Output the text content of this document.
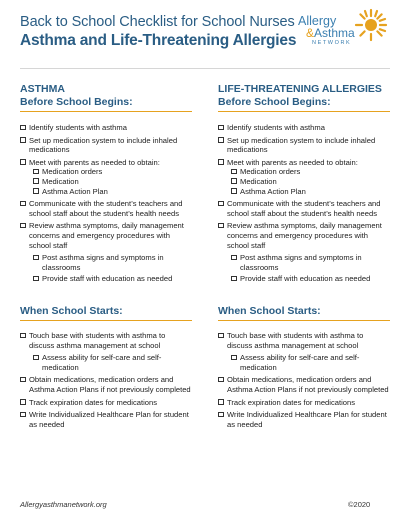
Back to School Checklist for School Nurses
Asthma and Life-Threatening Allergies
Allergy
&Asthma
NETWORK
ASTHMA
Before School Begins:
Identify students with asthma
Set up medication system to include inhaled medications
Meet with parents as needed to obtain:
Medication orders
Medication
Asthma Action Plan
Communicate with the student’s teachers and school staff about the student’s health needs
Review asthma symptoms, daily management concerns and emergency procedures with school staff
Post asthma signs and symptoms in classrooms
Provide staff with education as needed
When School Starts:
Touch base with students with asthma to discuss asthma management at school
Assess ability for self-care and self-medication
Obtain medications, medication orders and Asthma Action Plans if not previously completed
Track expiration dates for medications
Write Individualized Healthcare Plan for student as needed
LIFE-THREATENING ALLERGIES
Before School Begins:
Identify students with asthma
Set up medication system to include inhaled medications
Meet with parents as needed to obtain:
Medication orders
Medication
Asthma Action Plan
Communicate with the student’s teachers and school staff about the student’s health needs
Review asthma symptoms, daily management concerns and emergency procedures with school staff
Post asthma signs and symptoms in classrooms
Provide staff with education as needed
When School Starts:
Touch base with students with asthma to discuss asthma management at school
Assess ability for self-care and self-medication
Obtain medications, medication orders and Asthma Action Plans if not previously completed
Track expiration dates for medications
Write Individualized Healthcare Plan for student as needed
Allergyasthmanetwork.org	©2020
